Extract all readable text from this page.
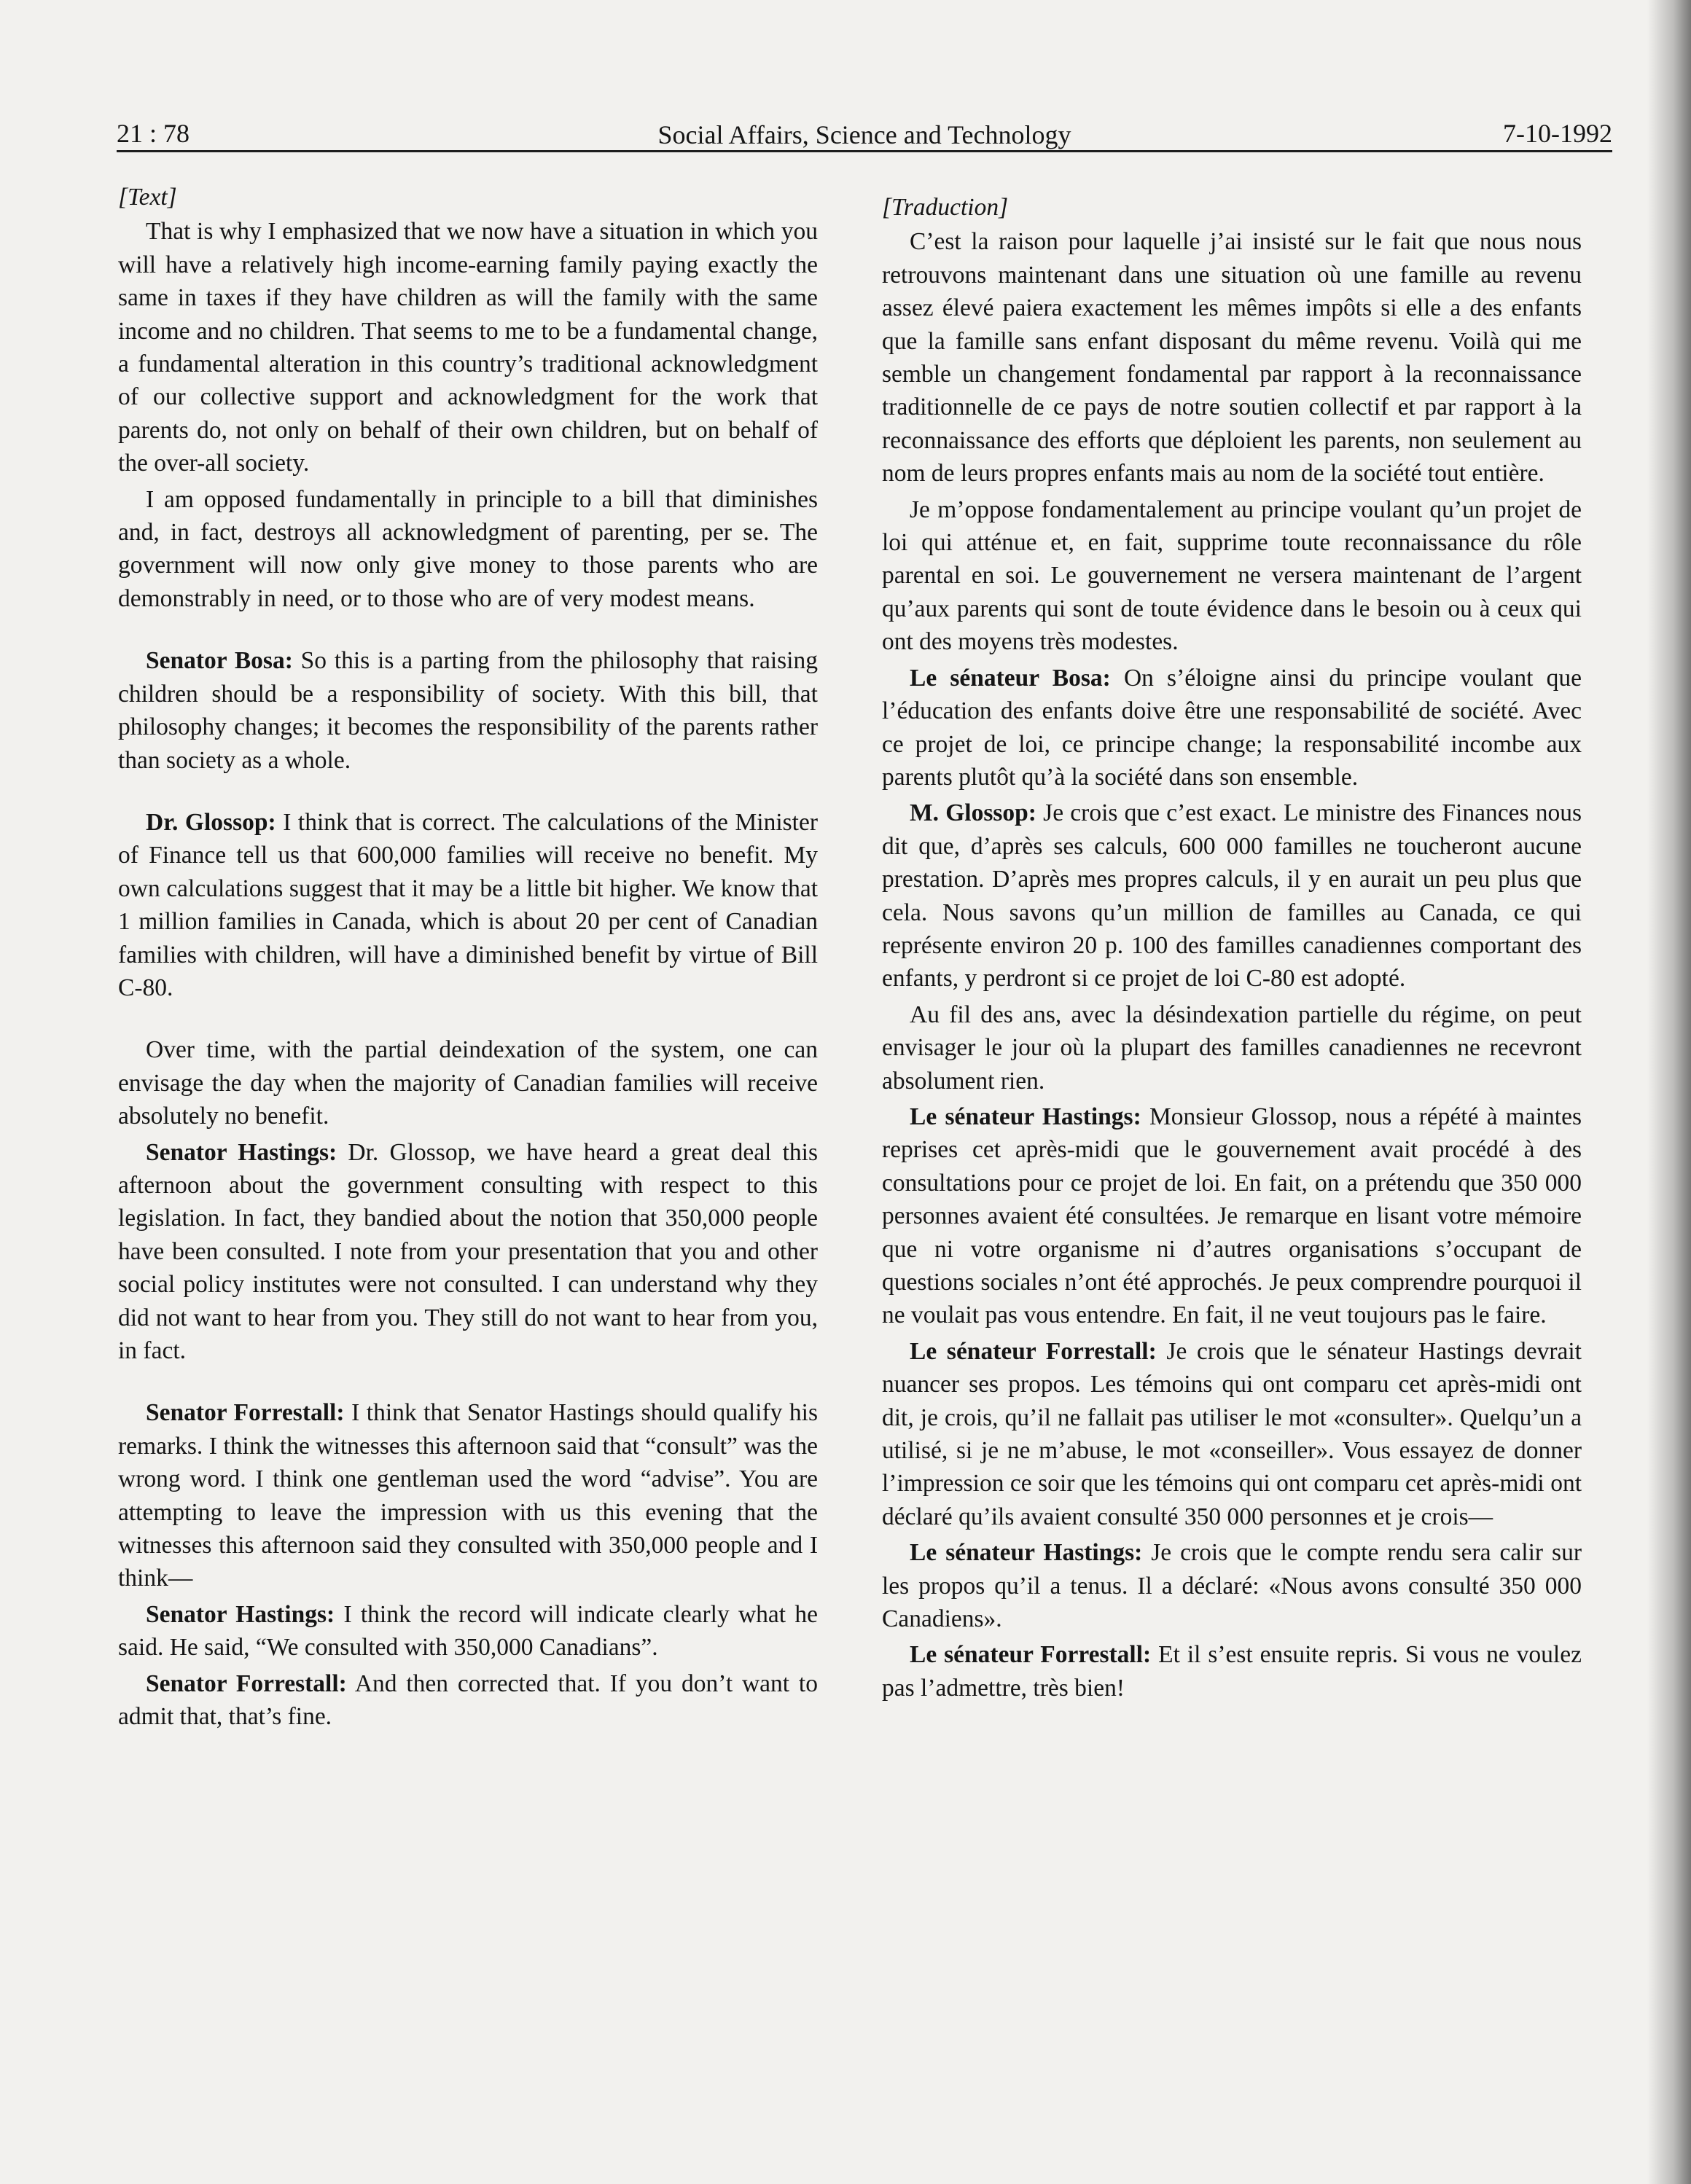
21 : 78	Social Affairs, Science and Technology	7-10-1992

[Text]

That is why I emphasized that we now have a situation in which you will have a relatively high income-earning family paying exactly the same in taxes if they have children as will the family with the same income and no children. That seems to me to be a fundamental change, a fundamental alteration in this country’s traditional acknowledgment of our collective support and acknowledgment for the work that parents do, not only on behalf of their own children, but on behalf of the over-all society.

I am opposed fundamentally in principle to a bill that diminishes and, in fact, destroys all acknowledgment of parenting, per se. The government will now only give money to those parents who are demonstrably in need, or to those who are of very modest means.

Senator Bosa: So this is a parting from the philosophy that raising children should be a responsibility of society. With this bill, that philosophy changes; it becomes the responsibility of the parents rather than society as a whole.

Dr. Glossop: I think that is correct. The calculations of the Minister of Finance tell us that 600,000 families will receive no benefit. My own calculations suggest that it may be a little bit higher. We know that 1 million families in Canada, which is about 20 per cent of Canadian families with children, will have a diminished benefit by virtue of Bill C-80.

Over time, with the partial deindexation of the system, one can envisage the day when the majority of Canadian families will receive absolutely no benefit.

Senator Hastings: Dr. Glossop, we have heard a great deal this afternoon about the government consulting with respect to this legislation. In fact, they bandied about the notion that 350,000 people have been consulted. I note from your presentation that you and other social policy institutes were not consulted. I can understand why they did not want to hear from you. They still do not want to hear from you, in fact.

Senator Forrestall: I think that Senator Hastings should qualify his remarks. I think the witnesses this afternoon said that “consult” was the wrong word. I think one gentleman used the word “advise”. You are attempting to leave the impression with us this evening that the witnesses this afternoon said they consulted with 350,000 people and I think—

Senator Hastings: I think the record will indicate clearly what he said. He said, “We consulted with 350,000 Canadians”.

Senator Forrestall: And then corrected that. If you don’t want to admit that, that’s fine.

[Traduction]

C’est la raison pour laquelle j’ai insisté sur le fait que nous nous retrouvons maintenant dans une situation où une famille au revenu assez élevé paiera exactement les mêmes impôts si elle a des enfants que la famille sans enfant disposant du même revenu. Voilà qui me semble un changement fondamental par rapport à la reconnaissance traditionnelle de ce pays de notre soutien collectif et par rapport à la reconnaissance des efforts que déploient les parents, non seulement au nom de leurs propres enfants mais au nom de la société tout entière.

Je m’oppose fondamentalement au principe voulant qu’un projet de loi qui atténue et, en fait, supprime toute reconnaissance du rôle parental en soi. Le gouvernement ne versera maintenant de l’argent qu’aux parents qui sont de toute évidence dans le besoin ou à ceux qui ont des moyens très modestes.

Le sénateur Bosa: On s’éloigne ainsi du principe voulant que l’éducation des enfants doive être une responsabilité de société. Avec ce projet de loi, ce principe change; la responsabilité incombe aux parents plutôt qu’à la société dans son ensemble.

M. Glossop: Je crois que c’est exact. Le ministre des Finances nous dit que, d’après ses calculs, 600 000 familles ne toucheront aucune prestation. D’après mes propres calculs, il y en aurait un peu plus que cela. Nous savons qu’un million de familles au Canada, ce qui représente environ 20 p. 100 des familles canadiennes comportant des enfants, y perdront si ce projet de loi C-80 est adopté.

Au fil des ans, avec la désindexation partielle du régime, on peut envisager le jour où la plupart des familles canadiennes ne recevront absolument rien.

Le sénateur Hastings: Monsieur Glossop, nous a répété à maintes reprises cet après-midi que le gouvernement avait procédé à des consultations pour ce projet de loi. En fait, on a prétendu que 350 000 personnes avaient été consultées. Je remarque en lisant votre mémoire que ni votre organisme ni d’autres organisations s’occupant de questions sociales n’ont été approchés. Je peux comprendre pourquoi il ne voulait pas vous entendre. En fait, il ne veut toujours pas le faire.

Le sénateur Forrestall: Je crois que le sénateur Hastings devrait nuancer ses propos. Les témoins qui ont comparu cet après-midi ont dit, je crois, qu’il ne fallait pas utiliser le mot «consulter». Quelqu’un a utilisé, si je ne m’abuse, le mot «conseiller». Vous essayez de donner l’impression ce soir que les témoins qui ont comparu cet après-midi ont déclaré qu’ils avaient consulté 350 000 personnes et je crois—

Le sénateur Hastings: Je crois que le compte rendu sera calir sur les propos qu’il a tenus. Il a déclaré: «Nous avons consulté 350 000 Canadiens».

Le sénateur Forrestall: Et il s’est ensuite repris. Si vous ne voulez pas l’admettre, très bien!
